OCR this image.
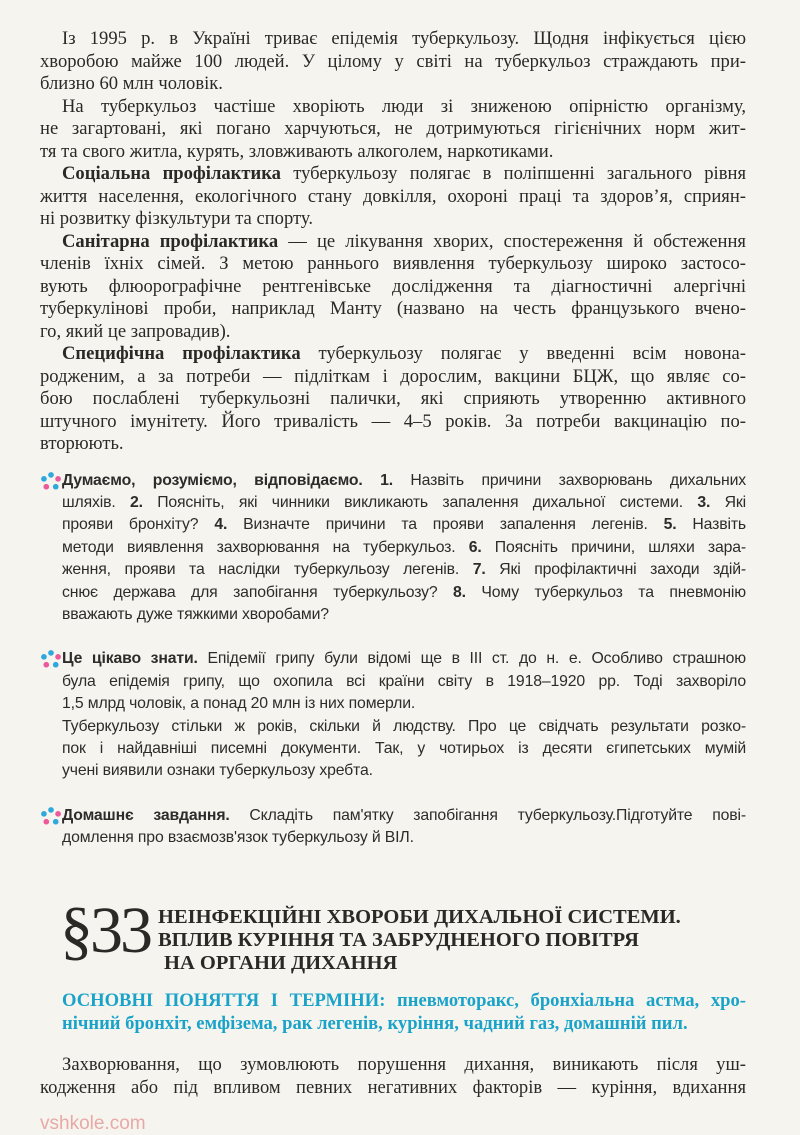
Із 1995 р. в Україні триває епідемія туберкульозу. Щодня інфікується цією
хворобою майже 100 людей. У цілому у світі на туберкульоз страждають при-
близно 60 млн чоловік.
На туберкульоз частіше хворіють люди зі зниженою опірністю організму,
не загартовані, які погано харчуються, не дотримуються гігієнічних норм жит-
тя та свого житла, курять, зловживають алкоголем, наркотиками.
Соціальна профілактика туберкульозу полягає в поліпшенні загального рівня
життя населення, екологічного стану довкілля, охороні праці та здоров’я, сприян-
ні розвитку фізкультури та спорту.
Санітарна профілактика — це лікування хворих, спостереження й обстеження
членів їхніх сімей. З метою раннього виявлення туберкульозу широко застосо-
вують флюорографічне рентгенівське дослідження та діагностичні алергічні
туберкулінові проби, наприклад Манту (названо на честь французького вчено-
го, який це запровадив).
Специфічна профілактика туберкульозу полягає у введенні всім новона-
родженим, а за потреби — підліткам і дорослим, вакцини БЦЖ, що являє со-
бою послаблені туберкульозні палички, які сприяють утворенню активного
штучного імунітету. Його тривалість — 4–5 років. За потреби вакцинацію по-
вторюють.
Думаємо, розуміємо, відповідаємо. 1. Назвіть причини захворювань дихальних
шляхів. 2. Поясніть, які чинники викликають запалення дихальної системи. 3. Які
прояви бронхіту? 4. Визначте причини та прояви запалення легенів. 5. Назвіть
методи виявлення захворювання на туберкульоз. 6. Поясніть причини, шляхи зара-
ження, прояви та наслідки туберкульозу легенів. 7. Які профілактичні заходи здій-
снює держава для запобігання туберкульозу? 8. Чому туберкульоз та пневмонію
вважають дуже тяжкими хворобами?
Це цікаво знати. Епідемії грипу були відомі ще в III ст. до н. е. Особливо страшною
була епідемія грипу, що охопила всі країни світу в 1918–1920 рр. Тоді захворіло
1,5 млрд чоловік, а понад 20 млн із них померли.
Туберкульозу стільки ж років, скільки й людству. Про це свідчать результати розко-
пок і найдавніші писемні документи. Так, у чотирьох із десяти єгипетських мумій
учені виявили ознаки туберкульозу хребта.
Домашнє завдання. Складіть пам'ятку запобігання туберкульозу.Підготуйте пові-
домлення про взаємозв'язок туберкульозу й ВІЛ.
§33 НЕІНФЕКЦІЙНІ ХВОРОБИ ДИХАЛЬНОЇ СИСТЕМИ.
ВПЛИВ КУРІННЯ ТА ЗАБРУДНЕНОГО ПОВІТРЯ
НА ОРГАНИ ДИХАННЯ
ОСНОВНІ ПОНЯТТЯ І ТЕРМІНИ: пневмоторакс, бронхіальна астма, хро-
нічний бронхіт, емфізема, рак легенів, куріння, чадний газ, домашній пил.
Захворювання, що зумовлюють порушення дихання, виникають після уш-
кодження або під впливом певних негативних факторів — куріння, вдихання
vshkole.com
